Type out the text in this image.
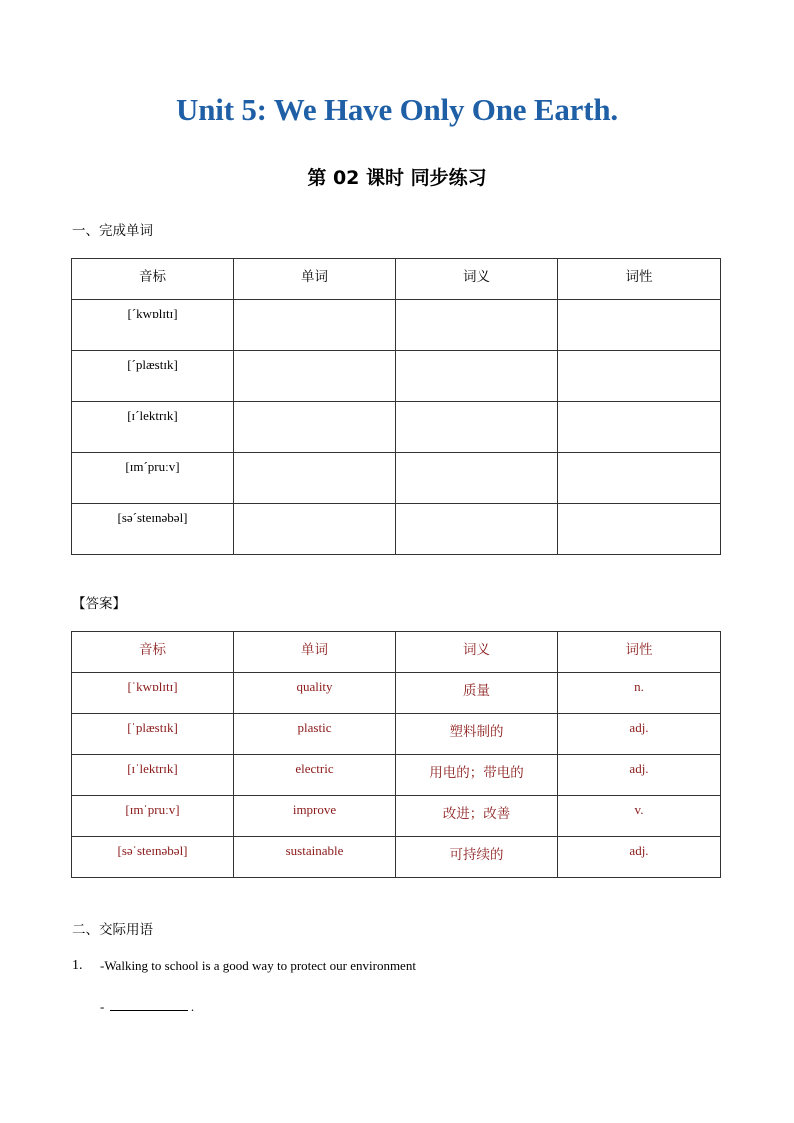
Unit 5: We Have Only One Earth.
第 02 课时 同步练习
一、完成单词
音标	单词	词义	词性

[ˊkwɒlɪtɪ]			

[ˊplæstɪk]			

[ɪˊlektrɪk]			

[ɪmˊpruːv]			

[səˊsteɪnəbəl]			

【答案】
音标	单词	词义	词性

[ˈkwɒlɪtɪ]	quality	质量	n.

[ˈplæstɪk]	plastic	塑料制的	adj.

[ɪˈlektrɪk]	electric	用电的；带电的	adj.

[ɪmˈpruːv]	improve	改进；改善	v.

[səˈsteɪnəbəl]	sustainable	可持续的	adj.
二、交际用语
1. -Walking to school is a good way to protect our environment
-	.
